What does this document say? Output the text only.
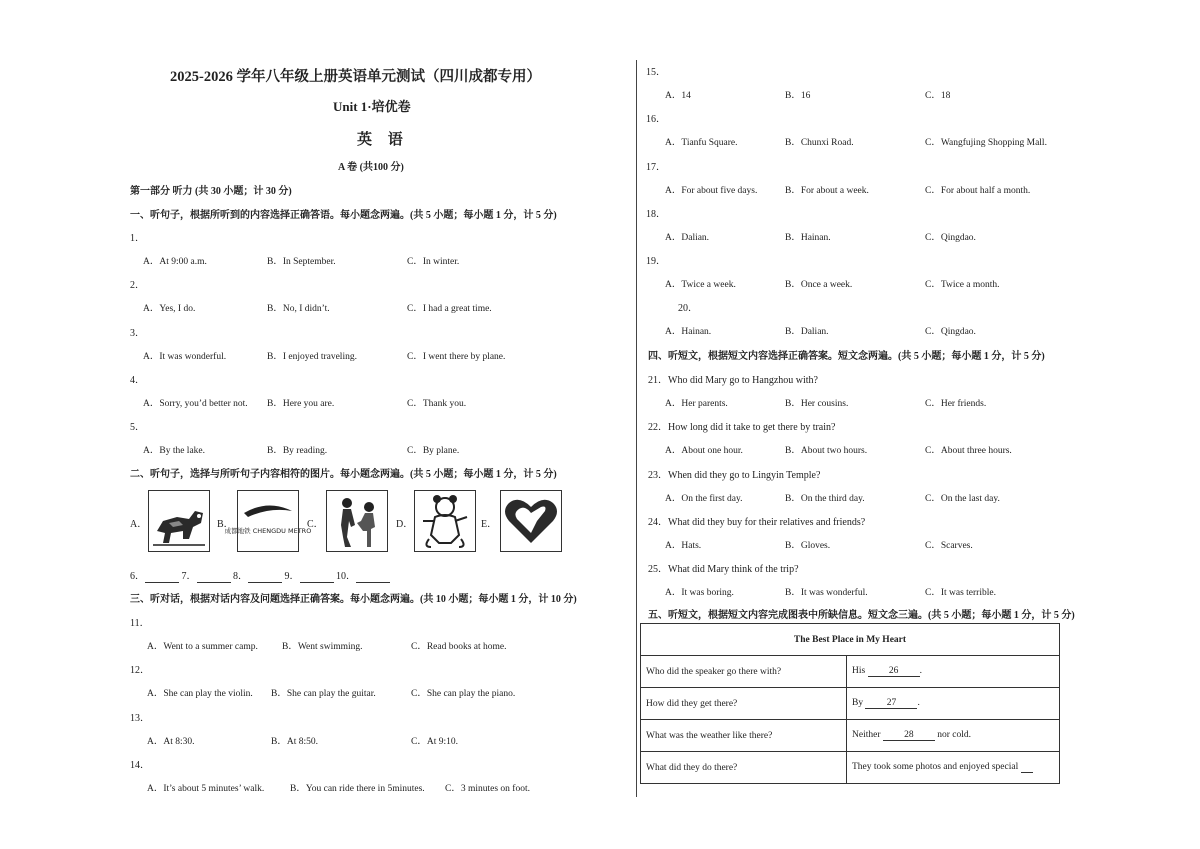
2025-2026 学年八年级上册英语单元测试（四川成都专用）
Unit 1·培优卷
英 语
A 卷 (共100 分)
第一部分 听力 (共 30 小题；计 30 分)
一、听句子，根据所听到的内容选择正确答语。每小题念两遍。(共 5 小题；每小题 1 分，计 5 分)
1．
A．At 9:00 a.m.	B．In September.	C．In winter.
2．
A．Yes, I do.	B．No, I didn’t.	C．I had a great time.
3．
A．It was wonderful.	B．I enjoyed traveling.	C．I went there by plane.
4．
A．Sorry, you’d better not. B．Here you are.	C．Thank you.
5．
A．By the lake.	B．By reading.	C．By plane.
二、听句子，选择与所听句子内容相符的图片。每小题念两遍。(共 5 小题；每小题 1 分，计 5 分)
A．	B．
成都地铁 CHENGDU METRO
C．	D．	E．
6．	7．	8．	9．	10．
三、听对话，根据对话内容及问题选择正确答案。每小题念两遍。(共 10 小题；每小题 1 分，计 10 分)
11．
A．Went to a summer camp.	B．Went swimming.	C．Read books at home.
12．
A．She can play the violin. B．She can play the guitar.	C．She can play the piano.
13．
A．At 8:30.	B．At 8:50.	C．At 9:10.
14．
A．It’s about 5 minutes’ walk.	B．You can ride there in 5minutes. C．3 minutes on foot.
15．
A．14	B．16	C．18
16．
A．Tianfu Square.	B．Chunxi Road.	C．Wangfujing Shopping Mall.
17．
A．For about five days.	B．For about a week.	C．For about half a month.
18．
A．Dalian.	B．Hainan.	C．Qingdao.
19．
A．Twice a week.	B．Once a week.	C．Twice a month.
20．
A．Hainan.	B．Dalian.	C．Qingdao.
四、听短文，根据短文内容选择正确答案。短文念两遍。(共 5 小题；每小题 1 分，计 5 分)
21．Who did Mary go to Hangzhou with?
A．Her parents.	B．Her cousins.	C．Her friends.
22．How long did it take to get there by train?
A．About one hour.	B．About two hours.	C．About three hours.
23．When did they go to Lingyin Temple?
A．On the first day.	B．On the third day.	C．On the last day.
24．What did they buy for their relatives and friends?
A．Hats.	B．Gloves.	C．Scarves.
25．What did Mary think of the trip?
A．It was boring.	B．It was wonderful.	C．It was terrible.
五、听短文，根据短文内容完成图表中所缺信息。短文念三遍。(共 5 小题；每小题 1 分，计 5 分)
The Best Place in My Heart	
Who did the speaker go there with?	His 26 .
How did they get there?	By 27 .
What was the weather like there?	Neither 28 nor cold.
What did they do there?	They took some photos and enjoyed special
